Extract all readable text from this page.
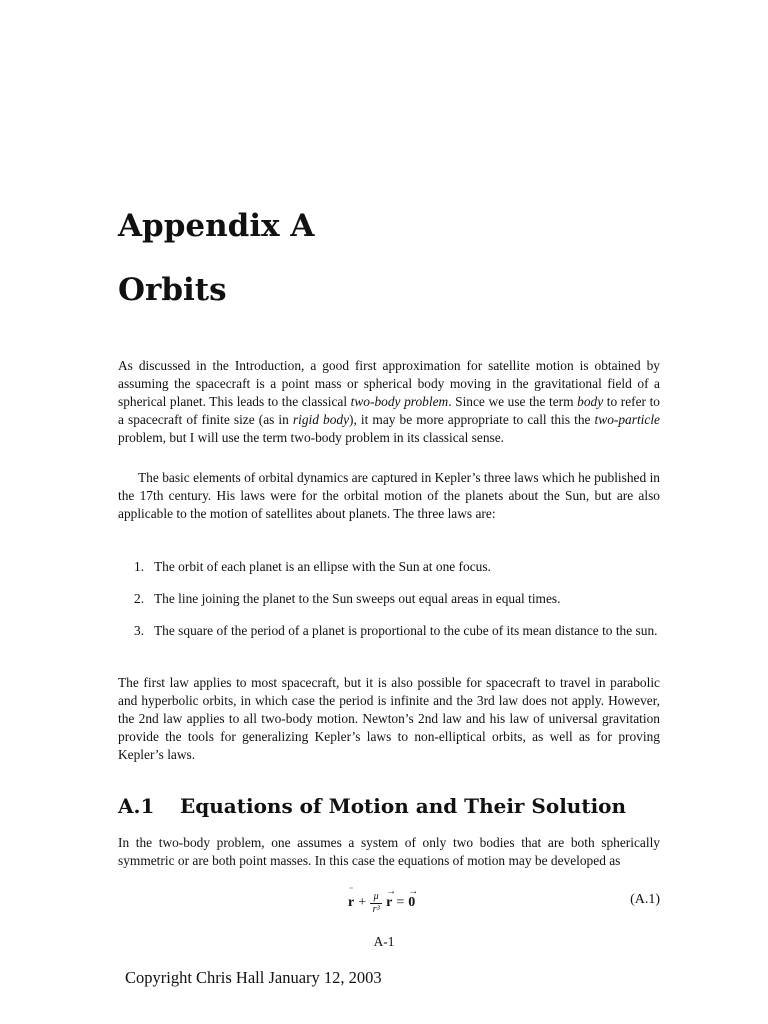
Appendix A
Orbits

As discussed in the Introduction, a good first approximation for satellite motion is obtained by assuming the spacecraft is a point mass or spherical body moving in the gravitational field of a spherical planet. This leads to the classical two-body problem. Since we use the term body to refer to a spacecraft of finite size (as in rigid body), it may be more appropriate to call this the two-particle problem, but I will use the term two-body problem in its classical sense.

The basic elements of orbital dynamics are captured in Kepler’s three laws which he published in the 17th century. His laws were for the orbital motion of the planets about the Sun, but are also applicable to the motion of satellites about planets. The three laws are:

1. The orbit of each planet is an ellipse with the Sun at one focus.
2. The line joining the planet to the Sun sweeps out equal areas in equal times.
3. The square of the period of a planet is proportional to the cube of its mean distance to the sun.

The first law applies to most spacecraft, but it is also possible for spacecraft to travel in parabolic and hyperbolic orbits, in which case the period is infinite and the 3rd law does not apply. However, the 2nd law applies to all two-body motion. Newton’s 2nd law and his law of universal gravitation provide the tools for generalizing Kepler’s laws to non-elliptical orbits, as well as for proving Kepler’s laws.

A.1 Equations of Motion and Their Solution

In the two-body problem, one assumes a system of only two bodies that are both spherically symmetric or are both point masses. In this case the equations of motion may be developed as

¨
$r + \frac{\mu}{\text{r³}}$ →
r =
→
0	(A.1)
A-1
Copyright Chris Hall January 12, 2003
